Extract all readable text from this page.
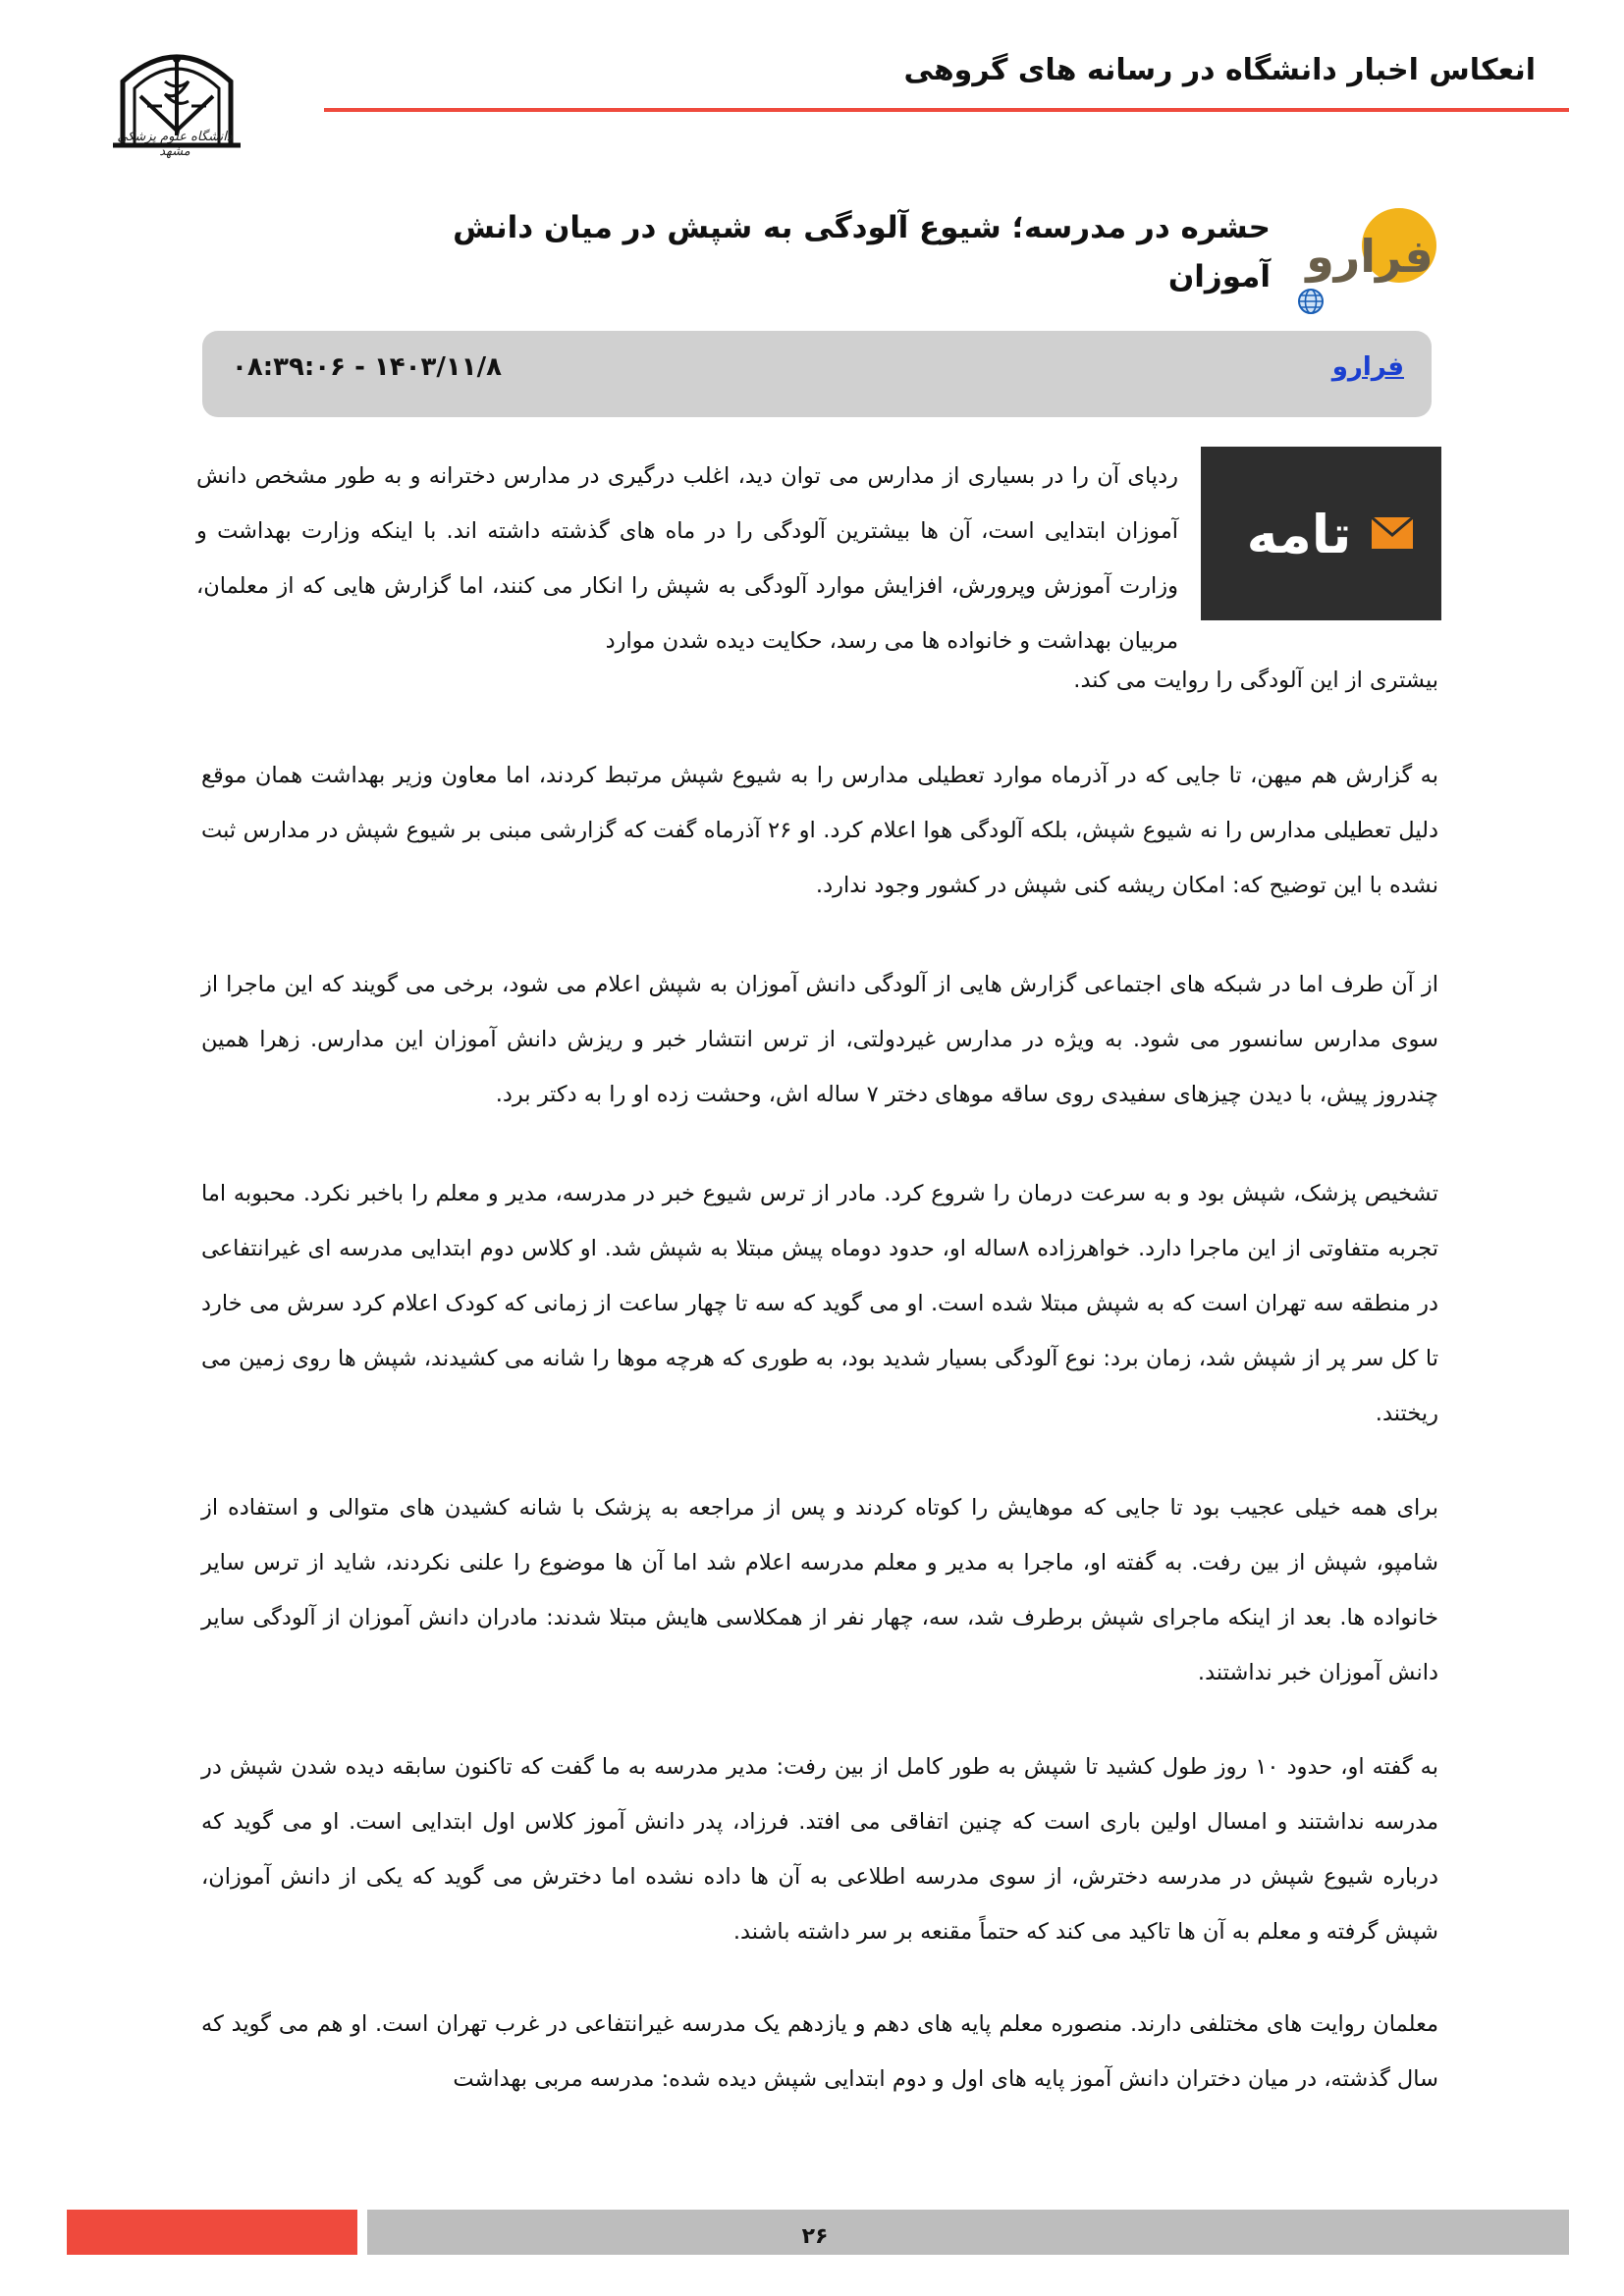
انعکاس اخبار دانشگاه در رسانه های گروهی
دانشگاه علوم پزشکی مشهد
فرارو
حشره در مدرسه؛ شیوع آلودگی به شپش در میان دانش آموزان
فرارو
۱۴۰۳/۱۱/۸ - ۰۸:۳۹:۰۶
تامه

ردپای آن را در بسیاری از مدارس می توان دید، اغلب درگیری در مدارس دخترانه و به طور مشخص دانش آموزان ابتدایی است، آن ها بیشترین آلودگی را در ماه های گذشته داشته اند. با اینکه وزارت بهداشت و وزارت آموزش وپرورش، افزایش موارد آلودگی به شپش را انکار می کنند، اما گزارش هایی که از معلمان، مربیان بهداشت و خانواده ها می رسد، حکایت دیده شدن موارد

بیشتری از این آلودگی را روایت می کند.

به گزارش هم میهن، تا جایی که در آذرماه موارد تعطیلی مدارس را به شیوع شپش مرتبط کردند، اما معاون وزیر بهداشت همان موقع دلیل تعطیلی مدارس را نه شیوع شپش، بلکه آلودگی هوا اعلام کرد. او ۲۶ آذرماه گفت که گزارشی مبنی بر شیوع شپش در مدارس ثبت نشده با این توضیح که: امکان ریشه کنی شپش در کشور وجود ندارد.

از آن طرف اما در شبکه های اجتماعی گزارش هایی از آلودگی دانش آموزان به شپش اعلام می شود، برخی می گویند که این ماجرا از سوی مدارس سانسور می شود. به ویژه در مدارس غیردولتی، از ترس انتشار خبر و ریزش دانش آموزان این مدارس. زهرا همین چندروز پیش، با دیدن چیزهای سفیدی روی ساقه موهای دختر ۷ ساله اش، وحشت زده او را به دکتر برد.

تشخیص پزشک، شپش بود و به سرعت درمان را شروع کرد. مادر از ترس شیوع خبر در مدرسه، مدیر و معلم را باخبر نکرد. محبوبه اما تجربه متفاوتی از این ماجرا دارد. خواهرزاده ۸ساله او، حدود دوماه پیش مبتلا به شپش شد. او کلاس دوم ابتدایی مدرسه ای غیرانتفاعی در منطقه سه تهران است که به شپش مبتلا شده است. او می گوید که سه تا چهار ساعت از زمانی که کودک اعلام کرد سرش می خارد تا کل سر پر از شپش شد، زمان برد: نوع آلودگی بسیار شدید بود، به طوری که هرچه موها را شانه می کشیدند، شپش ها روی زمین می ریختند.

برای همه خیلی عجیب بود تا جایی که موهایش را کوتاه کردند و پس از مراجعه به پزشک با شانه کشیدن های متوالی و استفاده از شامپو، شپش از بین رفت. به گفته او، ماجرا به مدیر و معلم مدرسه اعلام شد اما آن ها موضوع را علنی نکردند، شاید از ترس سایر خانواده ها. بعد از اینکه ماجرای شپش برطرف شد، سه، چهار نفر از همکلاسی هایش مبتلا شدند: مادران دانش آموزان از آلودگی سایر دانش آموزان خبر نداشتند.

به گفته او، حدود ۱۰ روز طول کشید تا شپش به طور کامل از بین رفت: مدیر مدرسه به ما گفت که تاکنون سابقه دیده شدن شپش در مدرسه نداشتند و امسال اولین باری است که چنین اتفاقی می افتد. فرزاد، پدر دانش آموز کلاس اول ابتدایی است. او می گوید که درباره شیوع شپش در مدرسه دخترش، از سوی مدرسه اطلاعی به آن ها داده نشده اما دخترش می گوید که یکی از دانش آموزان، شپش گرفته و معلم به آن ها تاکید می کند که حتماً مقنعه بر سر داشته باشند.

معلمان روایت های مختلفی دارند. منصوره معلم پایه های دهم و یازدهم یک مدرسه غیرانتفاعی در غرب تهران است. او هم می گوید که سال گذشته، در میان دختران دانش آموز پایه های اول و دوم ابتدایی شپش دیده شده: مدرسه مربی بهداشت

۲۶
